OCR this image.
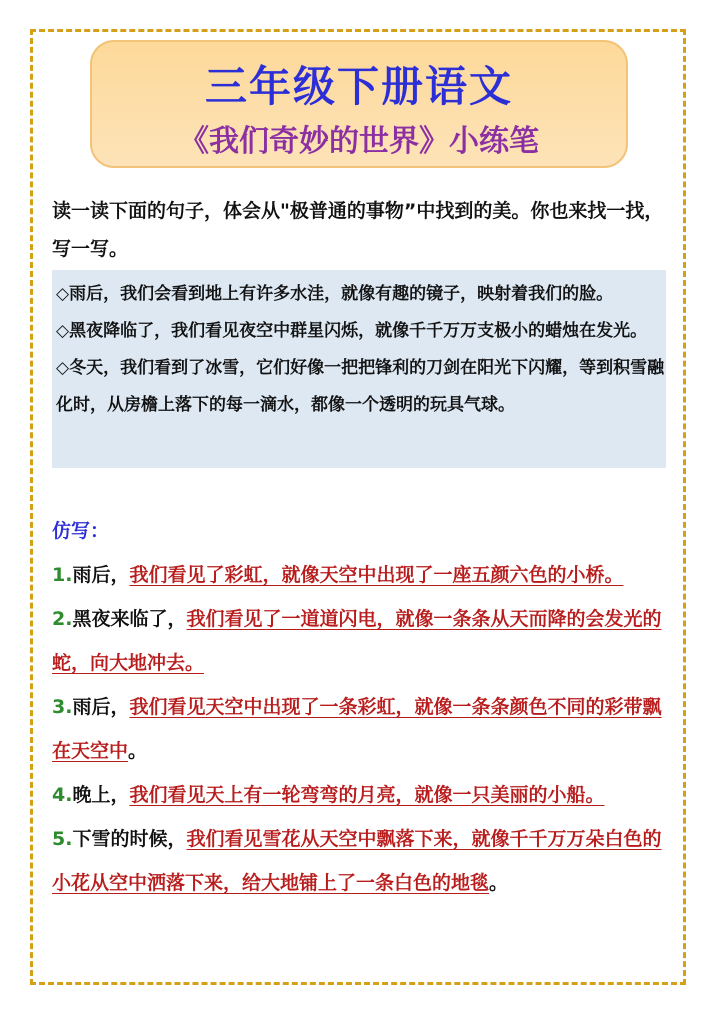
三年级下册语文
《我们奇妙的世界》小练笔
读一读下面的句子，体会从"极普通的事物”中找到的美。你也来找一找，写一写。
◇雨后，我们会看到地上有许多水洼，就像有趣的镜子，映射着我们的脸。
◇黑夜降临了，我们看见夜空中群星闪烁，就像千千万万支极小的蜡烛在发光。
◇冬天，我们看到了冰雪，它们好像一把把锋利的刀剑在阳光下闪耀，等到积雪融化时，从房檐上落下的每一滴水，都像一个透明的玩具气球。
仿写：

1.雨后，我们看见了彩虹，就像天空中出现了一座五颜六色的小桥。

2.黑夜来临了，我们看见了一道道闪电，就像一条条从天而降的会发光的蛇，向大地冲去。

3.雨后，我们看见天空中出现了一条彩虹，就像一条条颜色不同的彩带飘在天空中。

4.晚上，我们看见天上有一轮弯弯的月亮，就像一只美丽的小船。

5.下雪的时候，我们看见雪花从天空中飘落下来，就像千千万万朵白色的小花从空中洒落下来，给大地铺上了一条白色的地毯。
